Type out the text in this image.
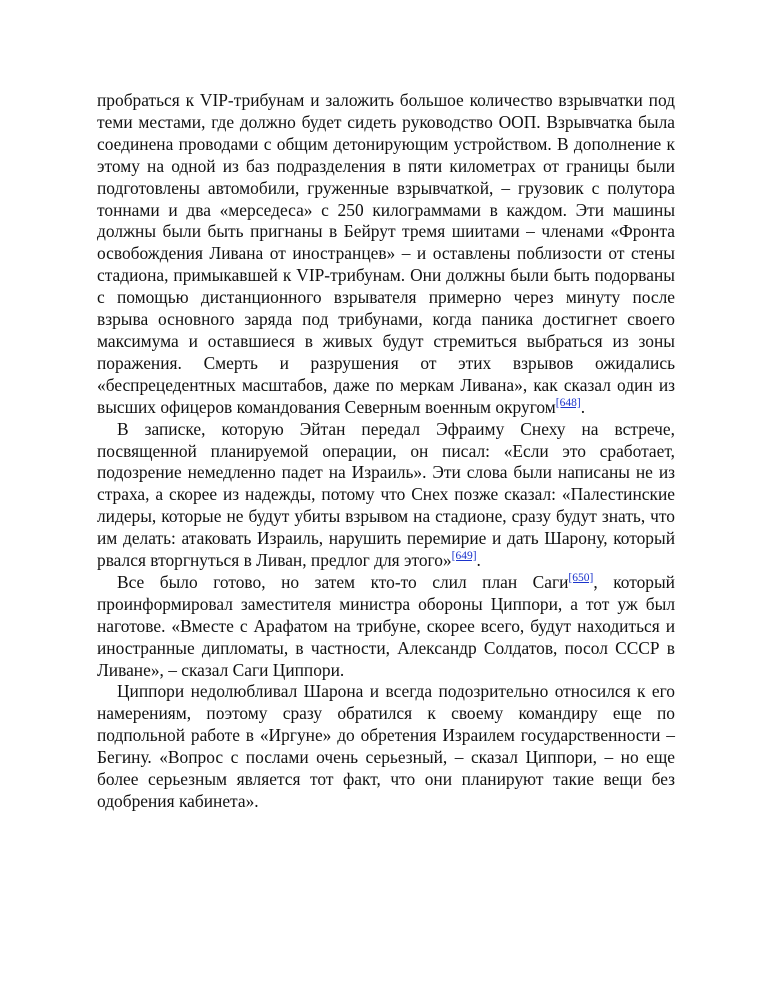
пробраться к VIP-трибунам и заложить большое количество взрывчатки под теми местами, где должно будет сидеть руководство ООП. Взрывчатка была соединена проводами с общим детонирующим устройством. В дополнение к этому на одной из баз подразделения в пяти километрах от границы были подготовлены автомобили, груженные взрывчаткой, – грузовик с полутора тоннами и два «мерседеса» с 250 килограммами в каждом. Эти машины должны были быть пригнаны в Бейрут тремя шиитами – членами «Фронта освобождения Ливана от иностранцев» – и оставлены поблизости от стены стадиона, примыкавшей к VIP-трибунам. Они должны были быть подорваны с помощью дистанционного взрывателя примерно через минуту после взрыва основного заряда под трибунами, когда паника достигнет своего максимума и оставшиеся в живых будут стремиться выбраться из зоны поражения. Смерть и разрушения от этих взрывов ожидались «беспрецедентных масштабов, даже по меркам Ливана», как сказал один из высших офицеров командования Северным военным округом[648].

В записке, которую Эйтан передал Эфраиму Снеху на встрече, посвященной планируемой операции, он писал: «Если это сработает, подозрение немедленно падет на Израиль». Эти слова были написаны не из страха, а скорее из надежды, потому что Снех позже сказал: «Палестинские лидеры, которые не будут убиты взрывом на стадионе, сразу будут знать, что им делать: атаковать Израиль, нарушить перемирие и дать Шарону, который рвался вторгнуться в Ливан, предлог для этого»[649].

Все было готово, но затем кто-то слил план Саги[650], который проинформировал заместителя министра обороны Циппори, а тот уж был наготове. «Вместе с Арафатом на трибуне, скорее всего, будут находиться и иностранные дипломаты, в частности, Александр Солдатов, посол СССР в Ливане», – сказал Саги Циппори.

Циппори недолюбливал Шарона и всегда подозрительно относился к его намерениям, поэтому сразу обратился к своему командиру еще по подпольной работе в «Иргуне» до обретения Израилем государственности – Бегину. «Вопрос с послами очень серьезный, – сказал Циппори, – но еще более серьезным является тот факт, что они планируют такие вещи без одобрения кабинета».
